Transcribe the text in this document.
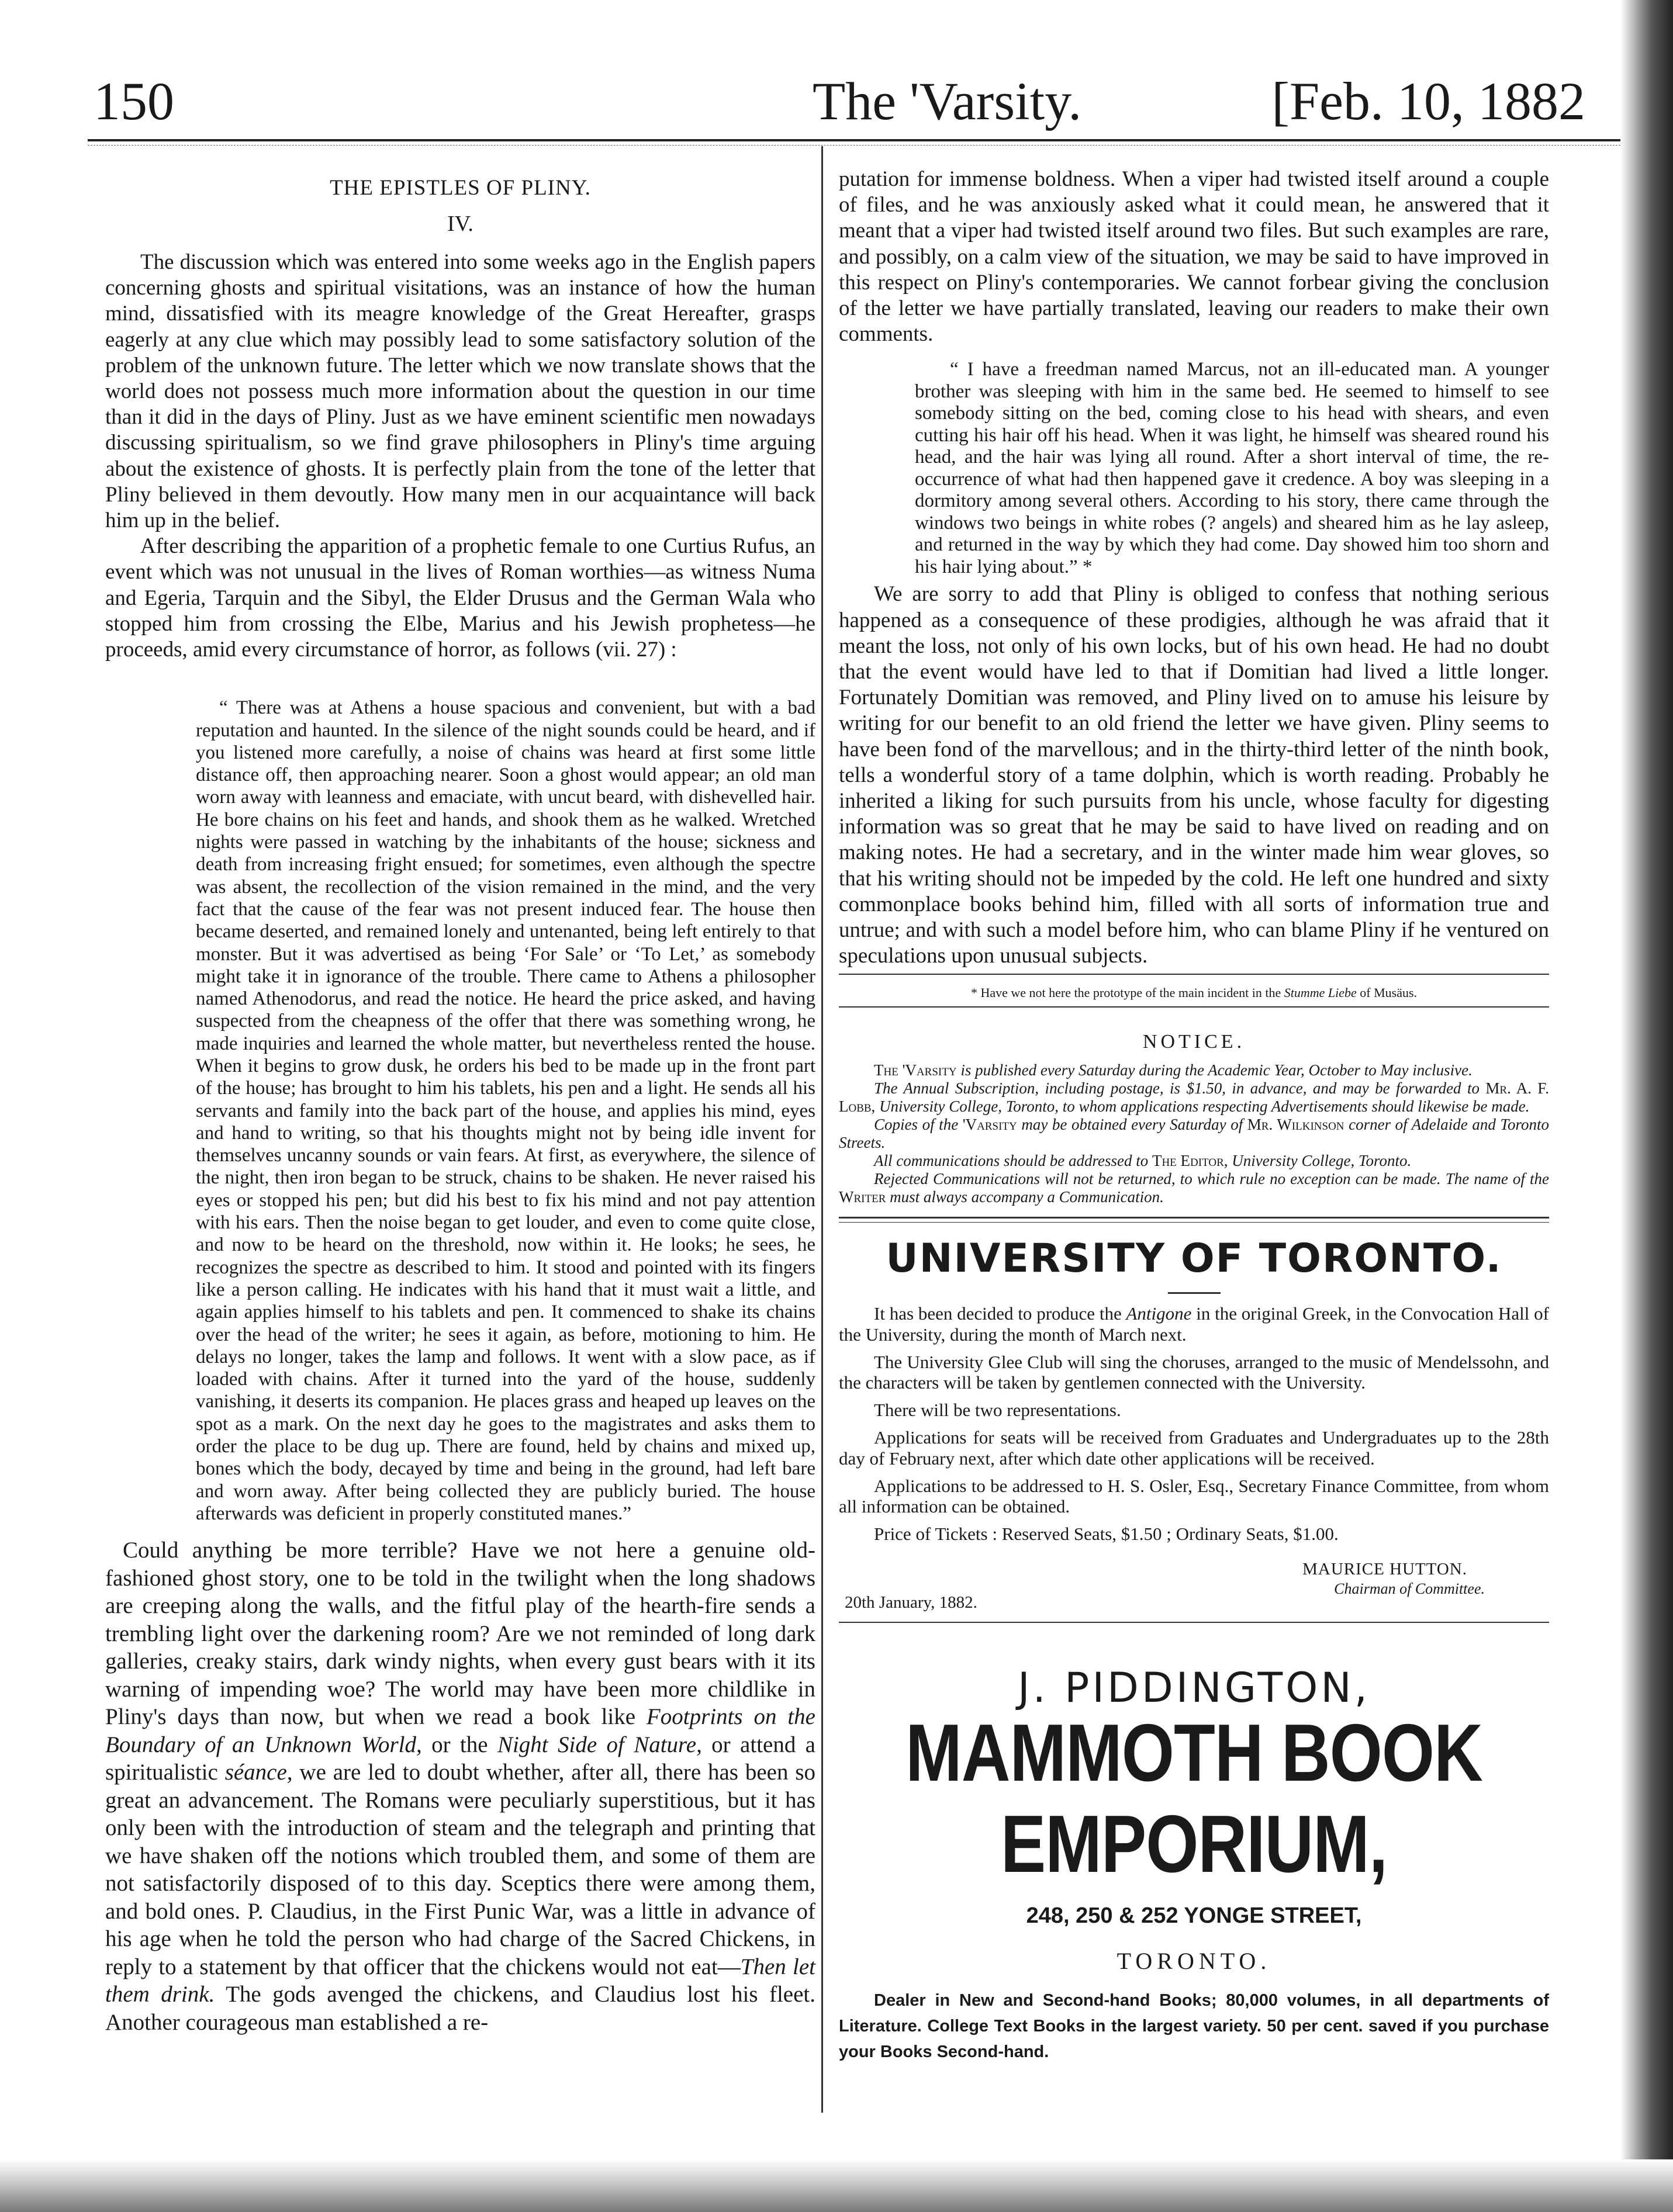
150	The 'Varsity.	[Feb. 10, 1882
THE EPISTLES OF PLINY.
IV.

The discussion which was entered into some weeks ago in the English papers concerning ghosts and spiritual visitations, was an instance of how the human mind, dissatisfied with its meagre knowledge of the Great Hereafter, grasps eagerly at any clue which may possibly lead to some satisfactory solution of the problem of the unknown future. The letter which we now translate shows that the world does not possess much more information about the question in our time than it did in the days of Pliny. Just as we have eminent scientific men nowadays discussing spiritualism, so we find grave philosophers in Pliny's time arguing about the existence of ghosts. It is perfectly plain from the tone of the letter that Pliny believed in them devoutly. How many men in our acquaintance will back him up in the belief.

After describing the apparition of a prophetic female to one Curtius Rufus, an event which was not unusual in the lives of Roman worthies—as witness Numa and Egeria, Tarquin and the Sibyl, the Elder Drusus and the German Wala who stopped him from crossing the Elbe, Marius and his Jewish prophetess—he proceeds, amid every circumstance of horror, as follows (vii. 27) :

“ There was at Athens a house spacious and convenient, but with a bad reputation and haunted. In the silence of the night sounds could be heard, and if you listened more carefully, a noise of chains was heard at first some little distance off, then approaching nearer. Soon a ghost would appear; an old man worn away with leanness and emaciate, with uncut beard, with dishevelled hair. He bore chains on his feet and hands, and shook them as he walked. Wretched nights were passed in watching by the inhabitants of the house; sickness and death from increasing fright ensued; for sometimes, even although the spectre was absent, the recollection of the vision remained in the mind, and the very fact that the cause of the fear was not present induced fear. The house then became deserted, and remained lonely and untenanted, being left entirely to that monster. But it was advertised as being ‘For Sale’ or ‘To Let,’ as somebody might take it in ignorance of the trouble. There came to Athens a philosopher named Athenodorus, and read the notice. He heard the price asked, and having suspected from the cheapness of the offer that there was something wrong, he made inquiries and learned the whole matter, but nevertheless rented the house. When it begins to grow dusk, he orders his bed to be made up in the front part of the house; has brought to him his tablets, his pen and a light. He sends all his servants and family into the back part of the house, and applies his mind, eyes and hand to writing, so that his thoughts might not by being idle invent for themselves uncanny sounds or vain fears. At first, as everywhere, the silence of the night, then iron began to be struck, chains to be shaken. He never raised his eyes or stopped his pen; but did his best to fix his mind and not pay attention with his ears. Then the noise began to get louder, and even to come quite close, and now to be heard on the threshold, now within it. He looks; he sees, he recognizes the spectre as described to him. It stood and pointed with its fingers like a person calling. He indicates with his hand that it must wait a little, and again applies himself to his tablets and pen. It commenced to shake its chains over the head of the writer; he sees it again, as before, motioning to him. He delays no longer, takes the lamp and follows. It went with a slow pace, as if loaded with chains. After it turned into the yard of the house, suddenly vanishing, it deserts its companion. He places grass and heaped up leaves on the spot as a mark. On the next day he goes to the magistrates and asks them to order the place to be dug up. There are found, held by chains and mixed up, bones which the body, decayed by time and being in the ground, had left bare and worn away. After being collected they are publicly buried. The house afterwards was deficient in properly constituted manes.”

Could anything be more terrible? Have we not here a genuine old-fashioned ghost story, one to be told in the twilight when the long shadows are creeping along the walls, and the fitful play of the hearth-fire sends a trembling light over the darkening room? Are we not reminded of long dark galleries, creaky stairs, dark windy nights, when every gust bears with it its warning of impending woe? The world may have been more childlike in Pliny's days than now, but when we read a book like Footprints on the Boundary of an Unknown World, or the Night Side of Nature, or attend a spiritualistic séance, we are led to doubt whether, after all, there has been so great an advancement. The Romans were peculiarly superstitious, but it has only been with the introduction of steam and the telegraph and printing that we have shaken off the notions which troubled them, and some of them are not satisfactorily disposed of to this day. Sceptics there were among them, and bold ones. P. Claudius, in the First Punic War, was a little in advance of his age when he told the person who had charge of the Sacred Chickens, in reply to a statement by that officer that the chickens would not eat—Then let them drink. The gods avenged the chickens, and Claudius lost his fleet. Another courageous man established a re-

putation for immense boldness. When a viper had twisted itself around a couple of files, and he was anxiously asked what it could mean, he answered that it meant that a viper had twisted itself around two files. But such examples are rare, and possibly, on a calm view of the situation, we may be said to have improved in this respect on Pliny's contemporaries. We cannot forbear giving the conclusion of the letter we have partially translated, leaving our readers to make their own comments.

“ I have a freedman named Marcus, not an ill-educated man. A younger brother was sleeping with him in the same bed. He seemed to himself to see somebody sitting on the bed, coming close to his head with shears, and even cutting his hair off his head. When it was light, he himself was sheared round his head, and the hair was lying all round. After a short interval of time, the re-occurrence of what had then happened gave it credence. A boy was sleeping in a dormitory among several others. According to his story, there came through the windows two beings in white robes (? angels) and sheared him as he lay asleep, and returned in the way by which they had come. Day showed him too shorn and his hair lying about.” *

We are sorry to add that Pliny is obliged to confess that nothing serious happened as a consequence of these prodigies, although he was afraid that it meant the loss, not only of his own locks, but of his own head. He had no doubt that the event would have led to that if Domitian had lived a little longer. Fortunately Domitian was removed, and Pliny lived on to amuse his leisure by writing for our benefit to an old friend the letter we have given. Pliny seems to have been fond of the marvellous; and in the thirty-third letter of the ninth book, tells a wonderful story of a tame dolphin, which is worth reading. Probably he inherited a liking for such pursuits from his uncle, whose faculty for digesting information was so great that he may be said to have lived on reading and on making notes. He had a secretary, and in the winter made him wear gloves, so that his writing should not be impeded by the cold. He left one hundred and sixty commonplace books behind him, filled with all sorts of information true and untrue; and with such a model before him, who can blame Pliny if he ventured on speculations upon unusual subjects.

* Have we not here the prototype of the main incident in the Stumme Liebe of Musäus.
NOTICE.

The 'Varsity is published every Saturday during the Academic Year, October to May inclusive.

The Annual Subscription, including postage, is $1.50, in advance, and may be forwarded to Mr. A. F. Lobb, University College, Toronto, to whom applications respecting Advertisements should likewise be made.

Copies of the 'Varsity may be obtained every Saturday of Mr. Wilkinson corner of Adelaide and Toronto Streets.

All communications should be addressed to The Editor, University College, Toronto.

Rejected Communications will not be returned, to which rule no exception can be made. The name of the Writer must always accompany a Communication.

UNIVERSITY OF TORONTO.

It has been decided to produce the Antigone in the original Greek, in the Convocation Hall of the University, during the month of March next.

The University Glee Club will sing the choruses, arranged to the music of Mendelssohn, and the characters will be taken by gentlemen connected with the University.

There will be two representations.

Applications for seats will be received from Graduates and Undergraduates up to the 28th day of February next, after which date other applications will be received.

Applications to be addressed to H. S. Osler, Esq., Secretary Finance Committee, from whom all information can be obtained.

Price of Tickets : Reserved Seats, $1.50 ; Ordinary Seats, $1.00.

MAURICE HUTTON.
Chairman of Committee.
20th January, 1882.
J. PIDDINGTON,
MAMMOTH BOOK EMPORIUM,
248, 250 & 252 YONGE STREET,
TORONTO.
Dealer in New and Second-hand Books; 80,000 volumes, in all departments of Literature. College Text Books in the largest variety. 50 per cent. saved if you purchase your Books Second-hand.
